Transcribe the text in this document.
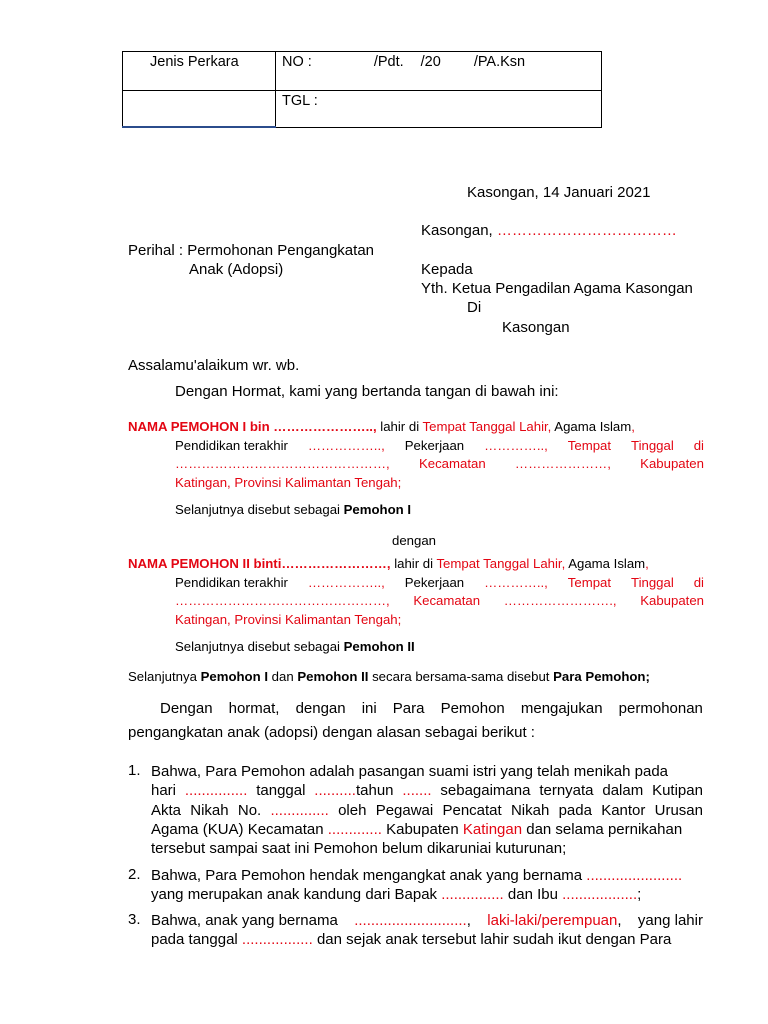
Jenis Perkara	NO : /Pdt. /20 /PA.Ksn

	TGL :
Kasongan, 14 Januari 2021
Kasongan, ………………………………
Perihal : Permohonan Pengangkatan
Anak (Adopsi)	Kepada
Yth. Ketua Pengadilan Agama Kasongan
Di
Kasongan
Assalamu'alaikum wr. wb.
Dengan Hormat, kami yang bertanda tangan di bawah ini:
NAMA PEMOHON I bin ………………….., lahir di Tempat Tanggal Lahir, Agama Islam,
Pendidikan terakhir …………….., Pekerjaan ………….., Tempat Tinggal di
…………………………………………, Kecamatan …………………, Kabupaten
Katingan, Provinsi Kalimantan Tengah;
Selanjutnya disebut sebagai Pemohon I
dengan
NAMA PEMOHON II binti……………………, lahir di Tempat Tanggal Lahir, Agama Islam,
Pendidikan terakhir …………….., Pekerjaan ………….., Tempat Tinggal di
…………………………………………, Kecamatan ……………………., Kabupaten
Katingan, Provinsi Kalimantan Tengah;
Selanjutnya disebut sebagai Pemohon II
Selanjutnya Pemohon I dan Pemohon II secara bersama-sama disebut Para Pemohon;
Dengan hormat, dengan ini Para Pemohon mengajukan permohonan
pengangkatan anak (adopsi) dengan alasan sebagai berikut :
1. Bahwa, Para Pemohon adalah pasangan suami istri yang telah menikah pada
hari ............... tanggal ..........tahun ....... sebagaimana ternyata dalam Kutipan
Akta Nikah No. .............. oleh Pegawai Pencatat Nikah pada Kantor Urusan
Agama (KUA) Kecamatan ............. Kabupaten Katingan dan selama pernikahan
tersebut sampai saat ini Pemohon belum dikaruniai kuturunan;
2. Bahwa, Para Pemohon hendak mengangkat anak yang bernama .......................
yang merupakan anak kandung dari Bapak ............... dan Ibu ..................;
3. Bahwa, anak yang bernama ..........................., laki-laki/perempuan, yang lahir
pada tanggal ................. dan sejak anak tersebut lahir sudah ikut dengan Para
